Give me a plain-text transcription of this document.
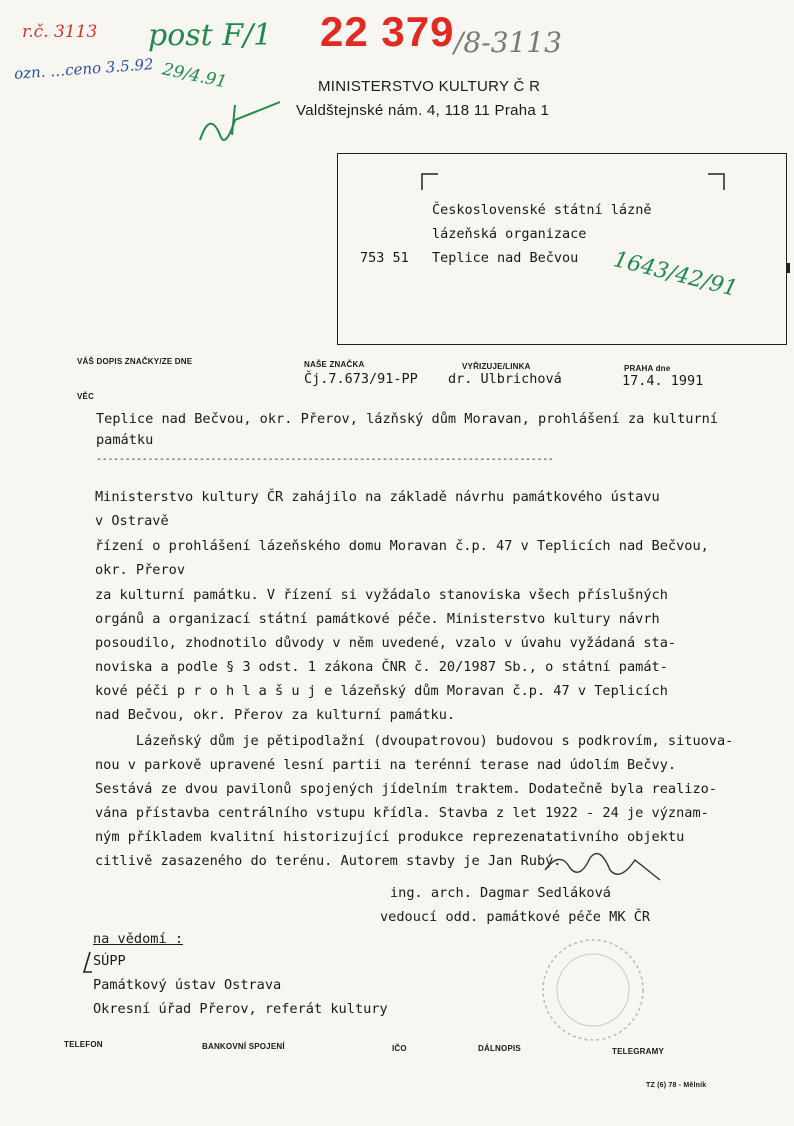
r.č. 3113 post F/1
ozn. …ceno 3.5.92 29/4.91
22 379 /8-3113
MINISTERSTVO KULTURY Č R
Valdštejnské nám. 4, 118 11 Praha 1
Československé státní lázně
lázeňská organizace
753 51 Teplice nad Bečvou 1643/42/91
VÁŠ DOPIS ZNAČKY/ZE DNE	NAŠE ZNAČKA
Čj.7.673/91-PP
VYŘIZUJE/LINKA
dr. Ulbrichová
PRAHA dne
17.4. 1991
VĚC
Teplice nad Bečvou, okr. Přerov, lázňský dům Moravan, prohlášení za kulturní
památku
--------------------------------------------------------------------------------
Ministerstvo kultury ČR zahájilo na základě návrhu památkového ústavu
v Ostravě
řízení o prohlášení lázeňského domu Moravan č.p. 47 v Teplicích nad Bečvou,
okr. Přerov
za kulturní památku. V řízení si vyžádalo stanoviska všech příslušných
orgánů a organizací státní památkové péče. Ministerstvo kultury návrh
posoudilo, zhodnotilo důvody v něm uvedené, vzalo v úvahu vyžádaná sta-
noviska a podle § 3 odst. 1 zákona ČNR č. 20/1987 Sb., o státní památ-
kové péči p r o h l a š u j e lázeňský dům Moravan č.p. 47 v Teplicích
nad Bečvou, okr. Přerov za kulturní památku.
Lázeňský dům je pětipodlažní (dvoupatrovou) budovou s podkrovím, situova-
nou v parkově upravené lesní partii na terénní terase nad údolím Bečvy.
Sestává ze dvou pavilonů spojených jídelním traktem. Dodatečně byla realizo-
vána přístavba centrálního vstupu křídla. Stavba z let 1922 - 24 je význam-
ným příkladem kvalitní historizující produkce reprezenatativního objektu
citlivě zasazeného do terénu. Autorem stavby je Jan Rubý.
ing. arch. Dagmar Sedláková
vedoucí odd. památkové péče MK ČR
na vědomí :
SÚPP
Památkový ústav Ostrava
Okresní úřad Přerov, referát kultury
TELEFON	BANKOVNÍ SPOJENÍ	IČO	DÁLNOPIS	TELEGRAMY
TZ (6) 78 - Mělník
